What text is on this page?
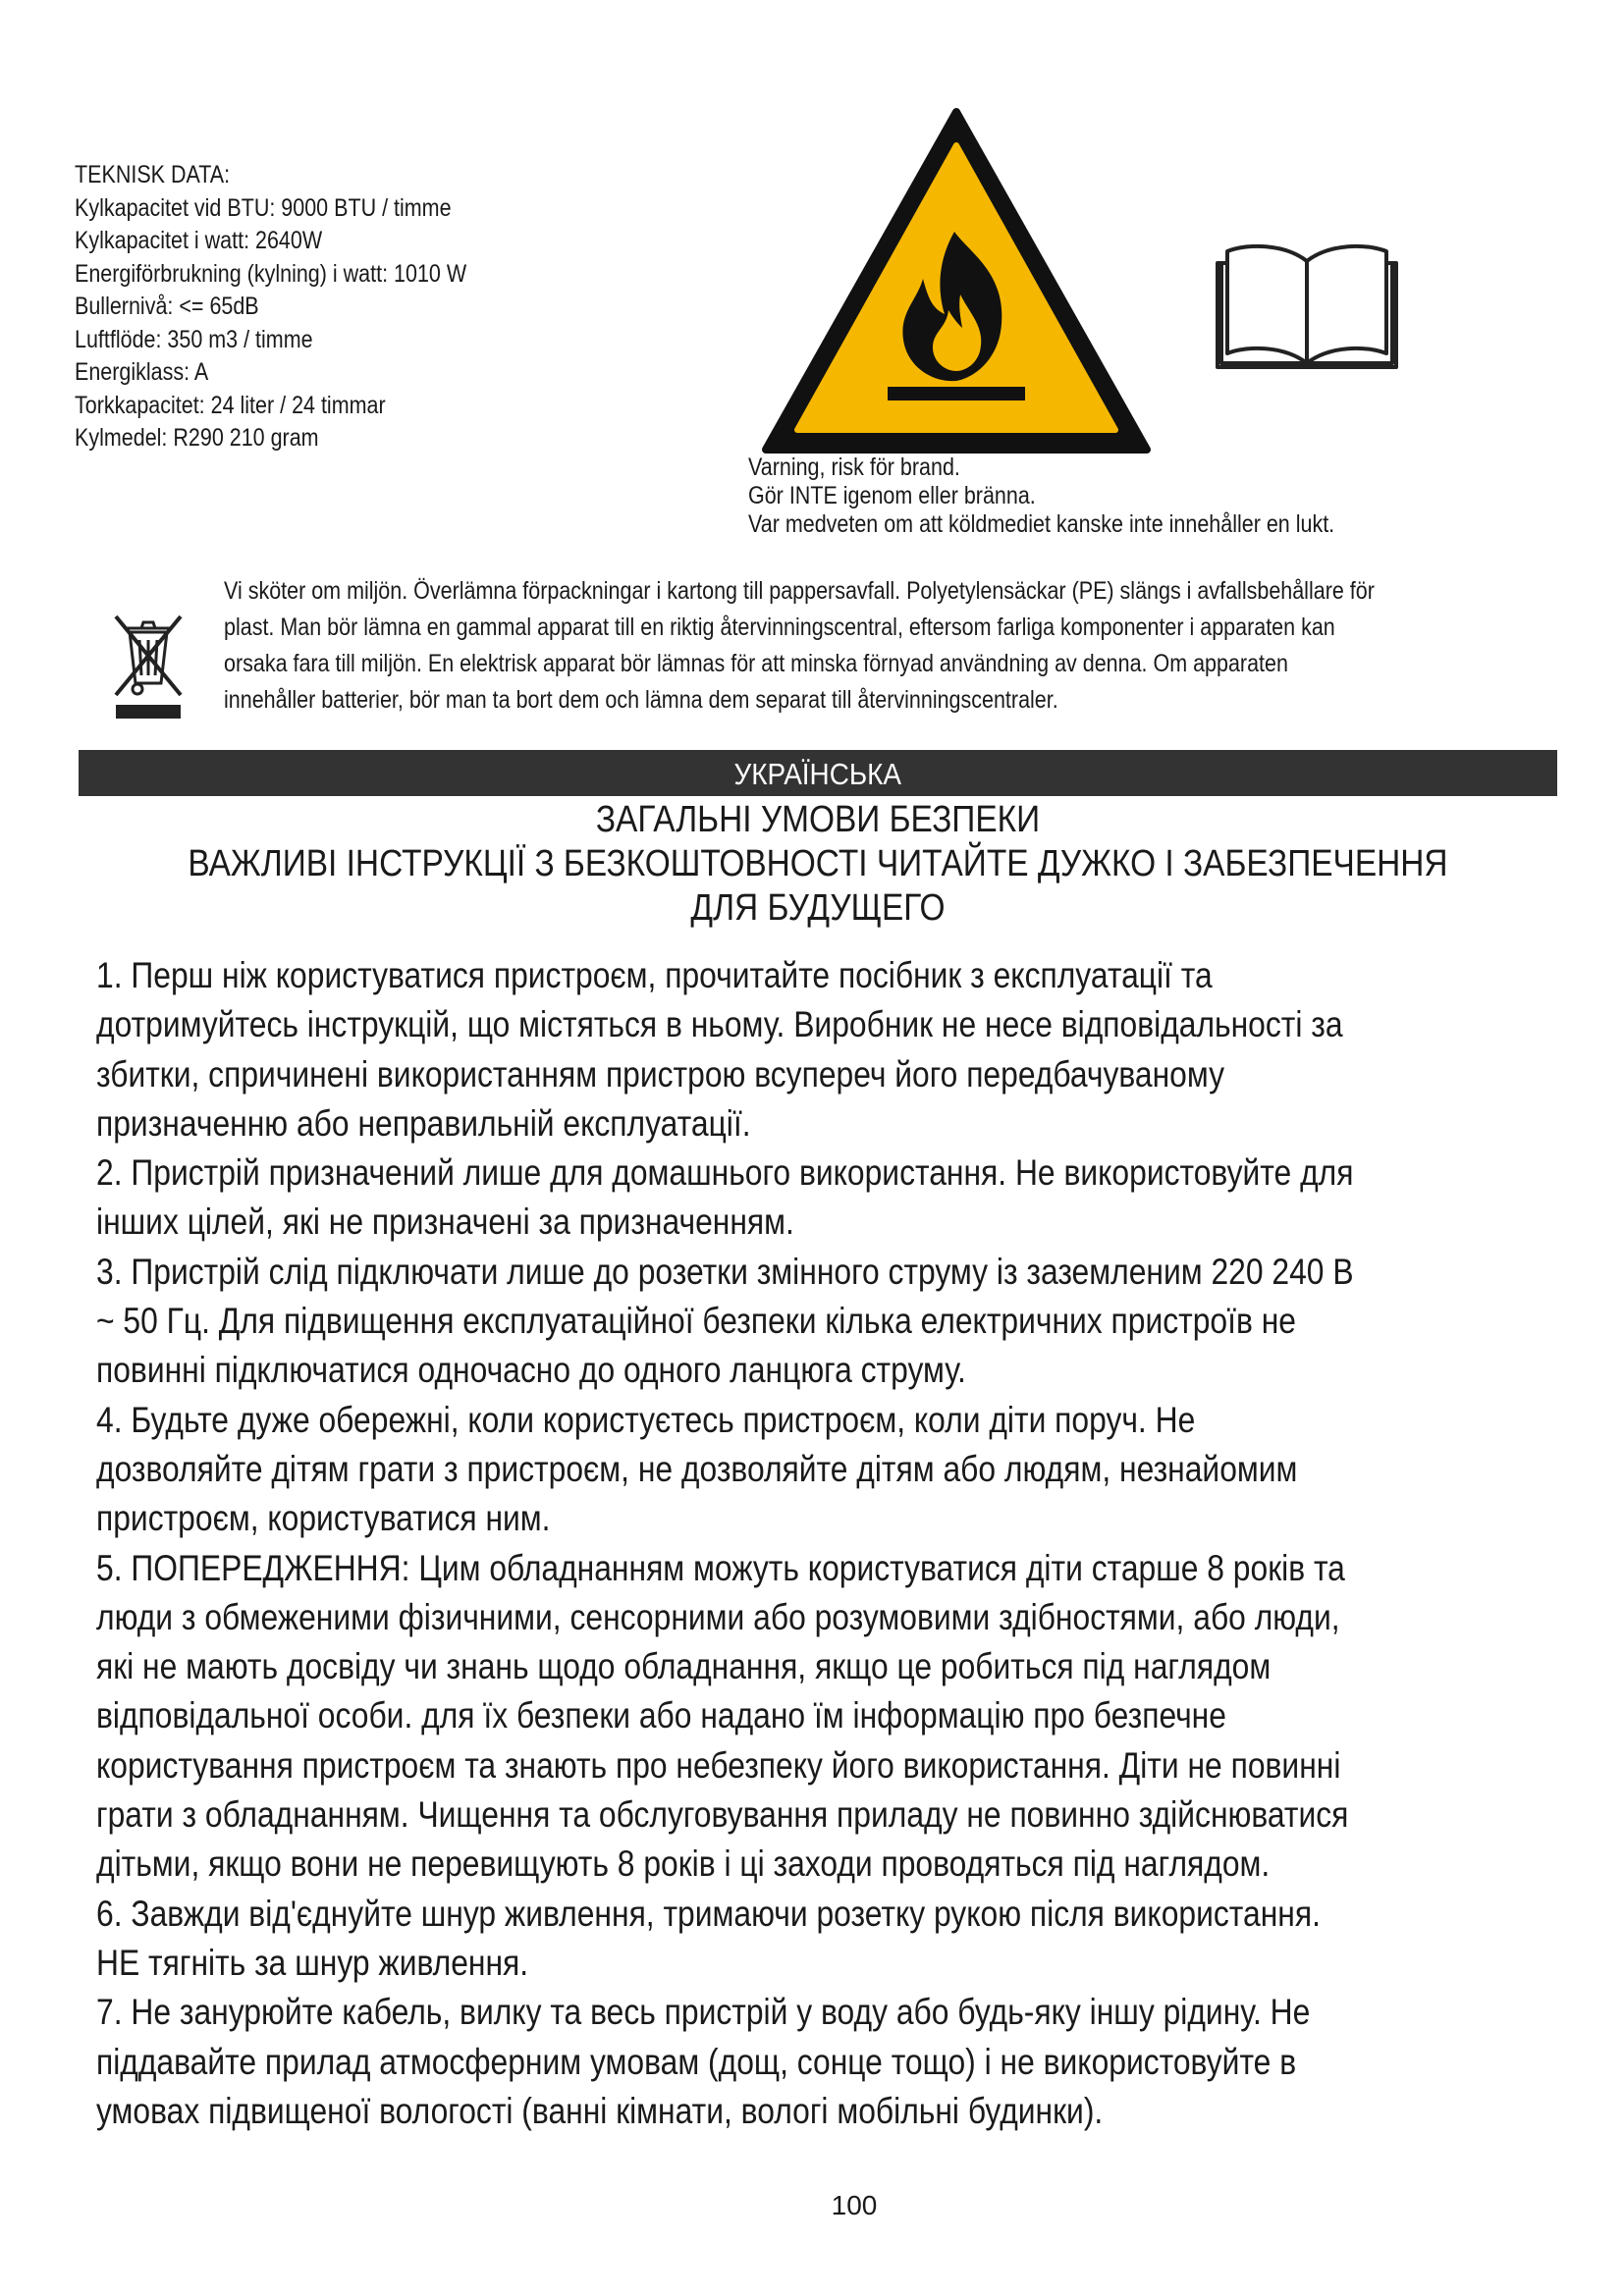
TEKNISK DATA:
Kylkapacitet vid BTU: 9000 BTU / timme
Kylkapacitet i watt: 2640W
Energiförbrukning (kylning) i watt: 1010 W
Bullernivå: <= 65dB
Luftflöde: 350 m3 / timme
Energiklass: A
Torkkapacitet: 24 liter / 24 timmar
Kylmedel: R290 210 gram
Varning, risk för brand.
Gör INTE igenom eller bränna.
Var medveten om att köldmediet kanske inte innehåller en lukt.
Vi sköter om miljön. Överlämna förpackningar i kartong till pappersavfall. Polyetylensäckar (PE) slängs i avfallsbehållare för
plast. Man bör lämna en gammal apparat till en riktig återvinningscentral, eftersom farliga komponenter i apparaten kan
orsaka fara till miljön. En elektrisk apparat bör lämnas för att minska förnyad användning av denna. Om apparaten
innehåller batterier, bör man ta bort dem och lämna dem separat till återvinningscentraler.
УКРАЇНСЬКА
ЗАГАЛЬНІ УМОВИ БЕЗПЕКИ
ВАЖЛИВІ ІНСТРУКЦІЇ З БЕЗКОШТОВНОСТІ ЧИТАЙТЕ ДУЖКО І ЗАБЕЗПЕЧЕННЯ
ДЛЯ БУДУЩЕГО
1. Перш ніж користуватися пристроєм, прочитайте посібник з експлуатації та
дотримуйтесь інструкцій, що містяться в ньому. Виробник не несе відповідальності за
збитки, спричинені використанням пристрою всупереч його передбачуваному
призначенню або неправильній експлуатації.
2. Пристрій призначений лише для домашнього використання. Не використовуйте для
інших цілей, які не призначені за призначенням.
3. Пристрій слід підключати лише до розетки змінного струму із заземленим 220 240 В
~ 50 Гц. Для підвищення експлуатаційної безпеки кілька електричних пристроїв не
повинні підключатися одночасно до одного ланцюга струму.
4. Будьте дуже обережні, коли користуєтесь пристроєм, коли діти поруч. Не
дозволяйте дітям грати з пристроєм, не дозволяйте дітям або людям, незнайомим
пристроєм, користуватися ним.
5. ПОПЕРЕДЖЕННЯ: Цим обладнанням можуть користуватися діти старше 8 років та
люди з обмеженими фізичними, сенсорними або розумовими здібностями, або люди,
які не мають досвіду чи знань щодо обладнання, якщо це робиться під наглядом
відповідальної особи. для їх безпеки або надано їм інформацію про безпечне
користування пристроєм та знають про небезпеку його використання. Діти не повинні
грати з обладнанням. Чищення та обслуговування приладу не повинно здійснюватися
дітьми, якщо вони не перевищують 8 років і ці заходи проводяться під наглядом.
6. Завжди від'єднуйте шнур живлення, тримаючи розетку рукою після використання.
НЕ тягніть за шнур живлення.
7. Не занурюйте кабель, вилку та весь пристрій у воду або будь-яку іншу рідину. Не
піддавайте прилад атмосферним умовам (дощ, сонце тощо) і не використовуйте в
умовах підвищеної вологості (ванні кімнати, вологі мобільні будинки).
100
